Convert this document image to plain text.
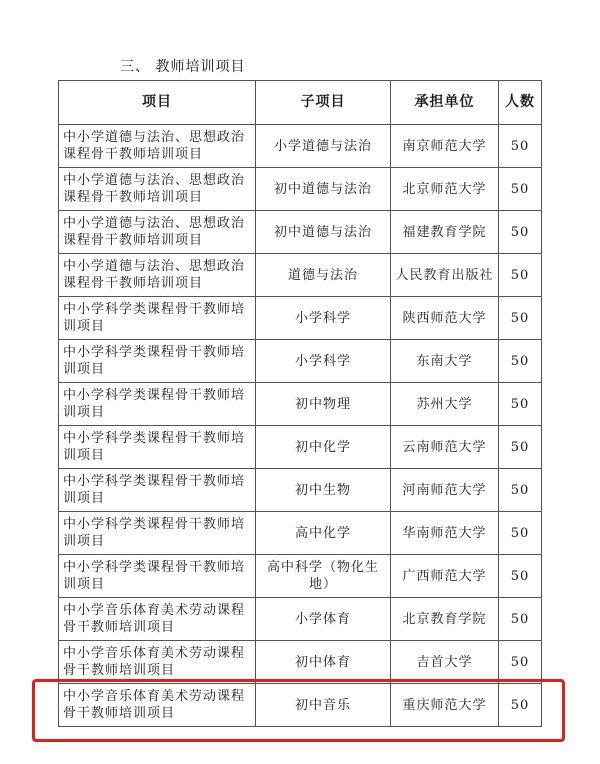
三、 教师培训项目
项目	子项目	承担单位	人数
中小学道德与法治、思想政治课程骨干教师培训项目	小学道德与法治	南京师范大学	50
中小学道德与法治、思想政治课程骨干教师培训项目	初中道德与法治	北京师范大学	50
中小学道德与法治、思想政治课程骨干教师培训项目	初中道德与法治	福建教育学院	50
中小学道德与法治、思想政治课程骨干教师培训项目	道德与法治	人民教育出版社	50
中小学科学类课程骨干教师培训项目	小学科学	陕西师范大学	50
中小学科学类课程骨干教师培训项目	小学科学	东南大学	50
中小学科学类课程骨干教师培训项目	初中物理	苏州大学	50
中小学科学类课程骨干教师培训项目	初中化学	云南师范大学	50
中小学科学类课程骨干教师培训项目	初中生物	河南师范大学	50
中小学科学类课程骨干教师培训项目	高中化学	华南师范大学	50
中小学科学类课程骨干教师培训项目	高中科学（物化生地）	广西师范大学	50
中小学音乐体育美术劳动课程骨干教师培训项目	小学体育	北京教育学院	50
中小学音乐体育美术劳动课程骨干教师培训项目	初中体育	吉首大学	50
中小学音乐体育美术劳动课程骨干教师培训项目	初中音乐	重庆师范大学	50
